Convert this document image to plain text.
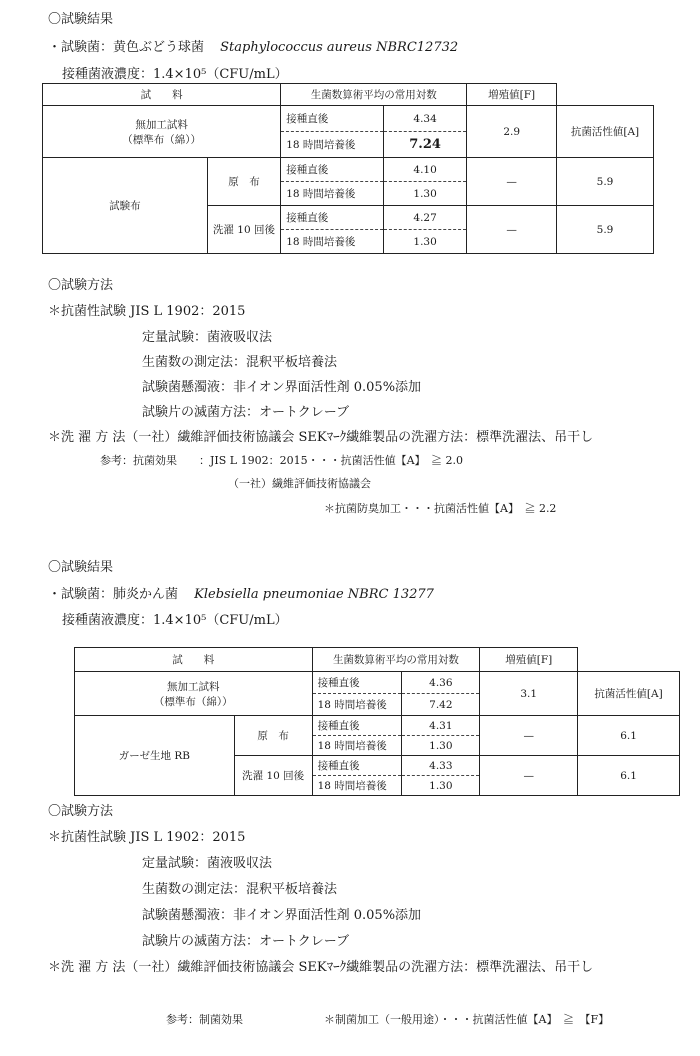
〇試験結果
・試験菌：黄色ぶどう球菌 Staphylococcus aureus NBRC12732
接種菌液濃度：1.4×10⁵（CFU/mL）
試　　料		生菌数算術平均の常用対数		増殖値[F]	

無加工試料
（標準布（綿））		接種直後	4.34	2.9	抗菌活性値[A]
		18 時間培養後	7.24		
試験布	原　布	接種直後	4.10	—	5.9
		18 時間培養後	1.30		
	洗濯 10 回後	接種直後	4.27	—	5.9
		18 時間培養後	1.30		
〇試験方法
＊抗菌性試験 JIS L 1902：2015
定量試験：菌液吸収法
生菌数の測定法：混釈平板培養法
試験菌懸濁液：非イオン界面活性剤 0.05%添加
試験片の滅菌方法：オートクレーブ
＊洗 濯 方 法（一社）繊維評価技術協議会 SEKﾏｰｸ繊維製品の洗濯方法：標準洗濯法、吊干し
参考：抗菌効果　　：JIS L 1902：2015・・・抗菌活性値【A】　≧ 2.0
（一社）繊維評価技術協議会
＊抗菌防臭加工・・・抗菌活性値【A】　≧ 2.2
〇試験結果
・試験菌：肺炎かん菌 Klebsiella pneumoniae NBRC 13277
接種菌液濃度：1.4×10⁵（CFU/mL）
試　　料		生菌数算術平均の常用対数		増殖値[F]	

無加工試料
（標準布（綿））		接種直後	4.36	3.1	抗菌活性値[A]
		18 時間培養後	7.42		
ガーゼ生地 RB	原　布	接種直後	4.31	—	6.1
		18 時間培養後	1.30		
	洗濯 10 回後	接種直後	4.33	—	6.1
		18 時間培養後	1.30		
〇試験方法
＊抗菌性試験 JIS L 1902：2015
定量試験：菌液吸収法
生菌数の測定法：混釈平板培養法
試験菌懸濁液：非イオン界面活性剤 0.05%添加
試験片の滅菌方法：オートクレーブ
＊洗 濯 方 法（一社）繊維評価技術協議会 SEKﾏｰｸ繊維製品の洗濯方法：標準洗濯法、吊干し
参考：制菌効果	＊制菌加工（一般用途）・・・抗菌活性値【A】　≧　【F】
